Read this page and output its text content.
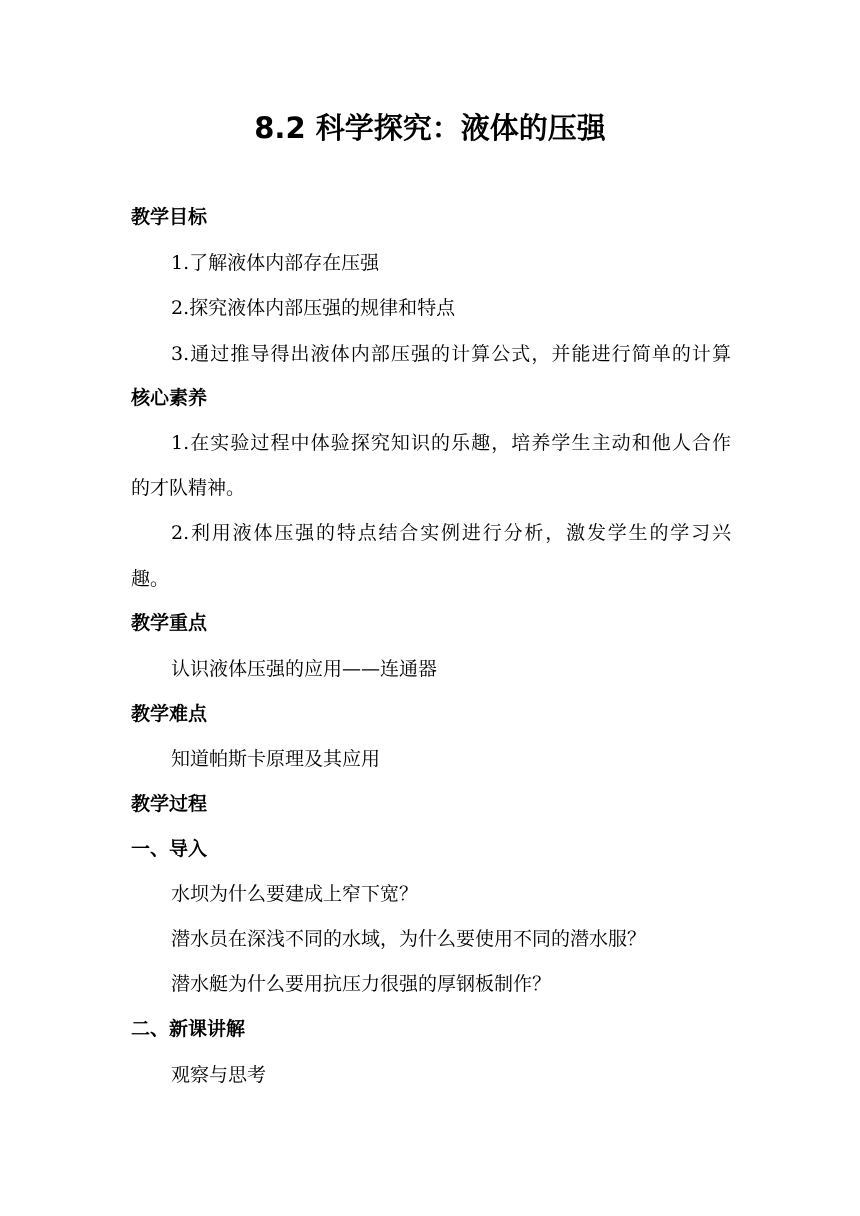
8.2 科学探究：液体的压强
教学目标
1.了解液体内部存在压强
2.探究液体内部压强的规律和特点
3.通过推导得出液体内部压强的计算公式，并能进行简单的计算
核心素养
1.在实验过程中体验探究知识的乐趣，培养学生主动和他人合作
的才队精神。
2.利用液体压强的特点结合实例进行分析，激发学生的学习兴
趣。
教学重点
认识液体压强的应用——连通器
教学难点
知道帕斯卡原理及其应用
教学过程
一、导入
水坝为什么要建成上窄下宽？
潜水员在深浅不同的水域，为什么要使用不同的潜水服？
潜水艇为什么要用抗压力很强的厚钢板制作？
二、新课讲解
观察与思考
